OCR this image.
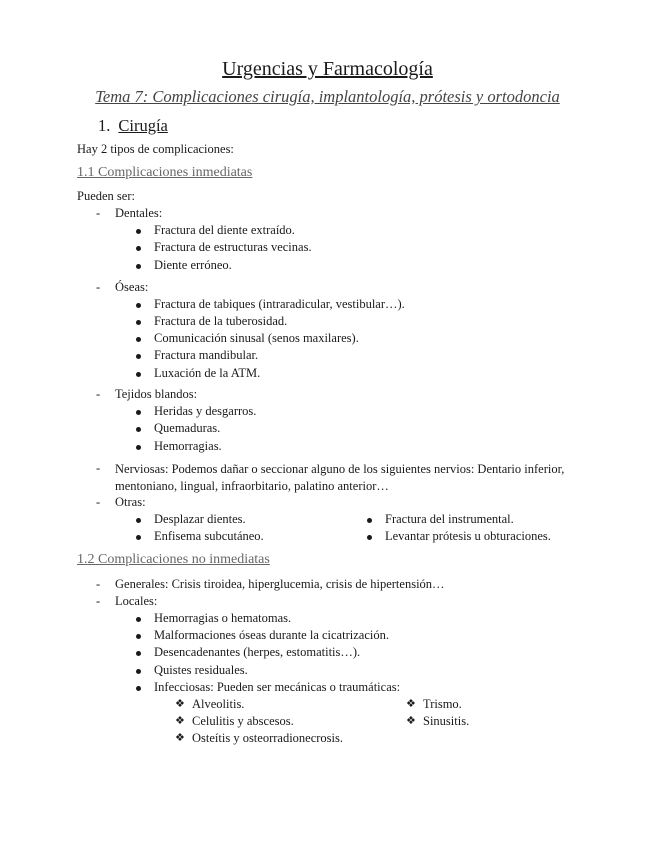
Urgencias y Farmacología
Tema 7: Complicaciones cirugía, implantología, prótesis y ortodoncia
1. Cirugía

Hay 2 tipos de complicaciones:

1.1 Complicaciones inmediatas

Pueden ser:

- Dentales:
Fractura del diente extraído.
Fractura de estructuras vecinas.
Diente erróneo.
- Óseas:
Fractura de tabiques (intraradicular, vestibular…).
Fractura de la tuberosidad.
Comunicación sinusal (senos maxilares).
Fractura mandibular.
Luxación de la ATM.
- Tejidos blandos:
Heridas y desgarros.
Quemaduras.
Hemorragias.
- Nerviosas: Podemos dañar o seccionar alguno de los siguientes nervios: Dentario inferior, mentoniano, lingual, infraorbitario, palatino anterior…
- Otras:
Desplazar dientes.
Enfisema subcutáneo.
Fractura del instrumental.
Levantar prótesis u obturaciones.
1.2 Complicaciones no inmediatas
- Generales: Crisis tiroidea, hiperglucemia, crisis de hipertensión…
- Locales:
Hemorragias o hematomas.
Malformaciones óseas durante la cicatrización.
Desencadenantes (herpes, estomatitis…).
Quistes residuales.
Infecciosas: Pueden ser mecánicas o traumáticas:
❖ Alveolitis.
❖ Celulitis y abscesos.
❖ Osteítis y osteorradionecrosis.
❖ Trismo.
❖ Sinusitis.
